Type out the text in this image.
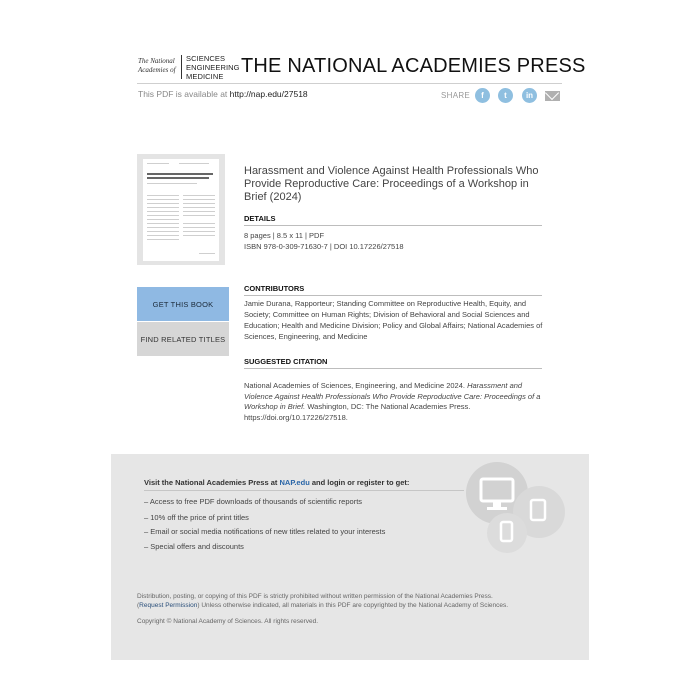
The National
Academies of
SCIENCES
ENGINEERING
MEDICINE THE NATIONAL ACADEMIES PRESS
This PDF is available at http://nap.edu/27518	SHARE	f	t	in
Harassment and Violence Against Health Professionals Who Provide Reproductive Care: Proceedings of a Workshop in Brief (2024)
DETAILS
8 pages | 8.5 x 11 | PDF
ISBN 978-0-309-71630-7 | DOI 10.17226/27518
CONTRIBUTORS
Jamie Durana, Rapporteur; Standing Committee on Reproductive Health, Equity, and Society; Committee on Human Rights; Division of Behavioral and Social Sciences and Education; Health and Medicine Division; Policy and Global Affairs; National Academies of Sciences, Engineering, and Medicine
SUGGESTED CITATION
National Academies of Sciences, Engineering, and Medicine 2024. Harassment and Violence Against Health Professionals Who Provide Reproductive Care: Proceedings of a Workshop in Brief. Washington, DC: The National Academies Press. https://doi.org/10.17226/27518.
GET THIS BOOK
FIND RELATED TITLES
Visit the National Academies Press at NAP.edu and login or register to get:
– Access to free PDF downloads of thousands of scientific reports
– 10% off the price of print titles
– Email or social media notifications of new titles related to your interests
– Special offers and discounts
Distribution, posting, or copying of this PDF is strictly prohibited without written permission of the National Academies Press.
(Request Permission) Unless otherwise indicated, all materials in this PDF are copyrighted by the National Academy of Sciences.
Copyright © National Academy of Sciences. All rights reserved.
